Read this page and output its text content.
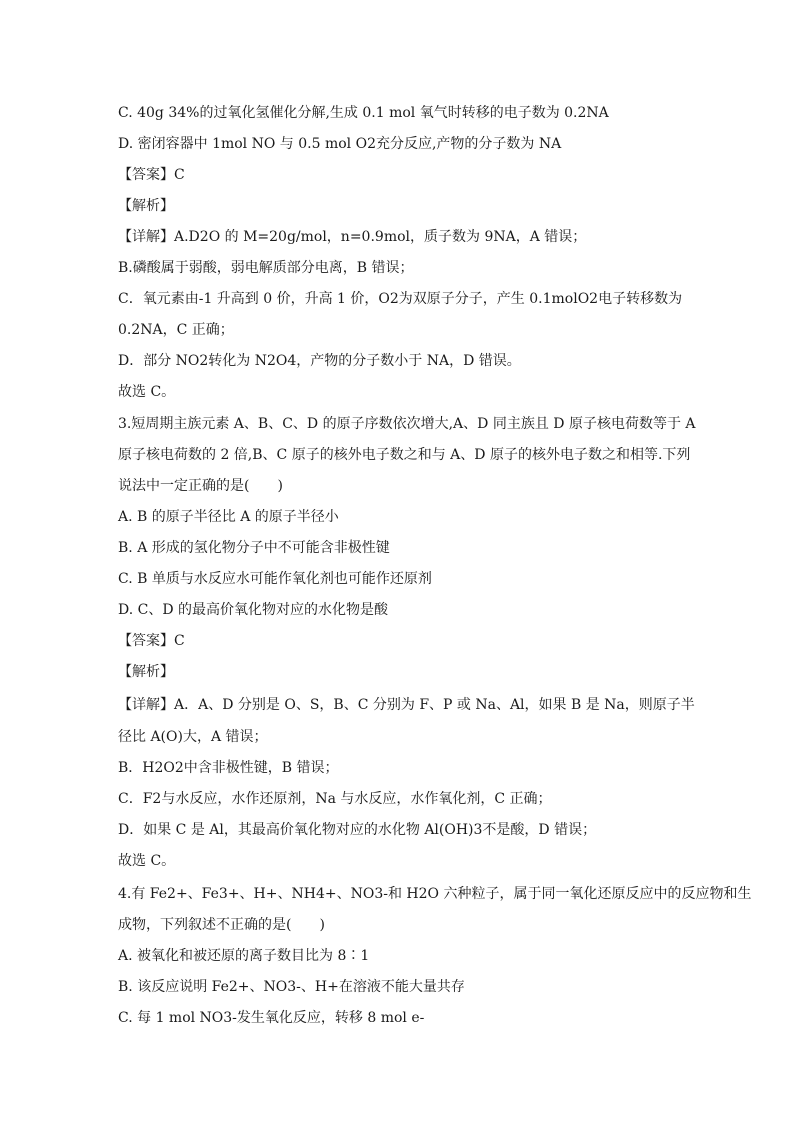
C. 40g 34%的过氧化氢催化分解,生成 0.1 mol 氧气时转移的电子数为 0.2NA
D. 密闭容器中 1mol NO 与 0.5 mol O2充分反应,产物的分子数为 NA
【答案】C
【解析】
【详解】A.D2O 的 M=20g/mol，n=0.9mol，质子数为 9NA，A 错误；
B.磷酸属于弱酸，弱电解质部分电离，B 错误；
C．氧元素由-1 升高到 0 价，升高 1 价，O2为双原子分子，产生 0.1molO2电子转移数为
0.2NA，C 正确；
D．部分 NO2转化为 N2O4，产物的分子数小于 NA，D 错误。
故选 C。
3.短周期主族元素 A、B、C、D 的原子序数依次增大,A、D 同主族且 D 原子核电荷数等于 A
原子核电荷数的 2 倍,B、C 原子的核外电子数之和与 A、D 原子的核外电子数之和相等.下列
说法中一定正确的是(　　)
A. B 的原子半径比 A 的原子半径小
B. A 形成的氢化物分子中不可能含非极性键
C. B 单质与水反应水可能作氧化剂也可能作还原剂
D. C、D 的最高价氧化物对应的水化物是酸
【答案】C
【解析】
【详解】A．A、D 分别是 O、S，B、C 分别为 F、P 或 Na、Al，如果 B 是 Na，则原子半
径比 A(O)大，A 错误；
B．H2O2中含非极性键，B 错误；
C．F2与水反应，水作还原剂，Na 与水反应，水作氧化剂，C 正确；
D．如果 C 是 Al，其最高价氧化物对应的水化物 Al(OH)3不是酸，D 错误；
故选 C。
4.有 Fe2+、Fe3+、H+、NH4+、NO3-和 H2O 六种粒子，属于同一氧化还原反应中的反应物和生
成物，下列叙述不正确的是(　　)
A. 被氧化和被还原的离子数目比为 8∶1
B. 该反应说明 Fe2+、NO3-、H+在溶液不能大量共存
C. 每 1 mol NO3-发生氧化反应，转移 8 mol e-
